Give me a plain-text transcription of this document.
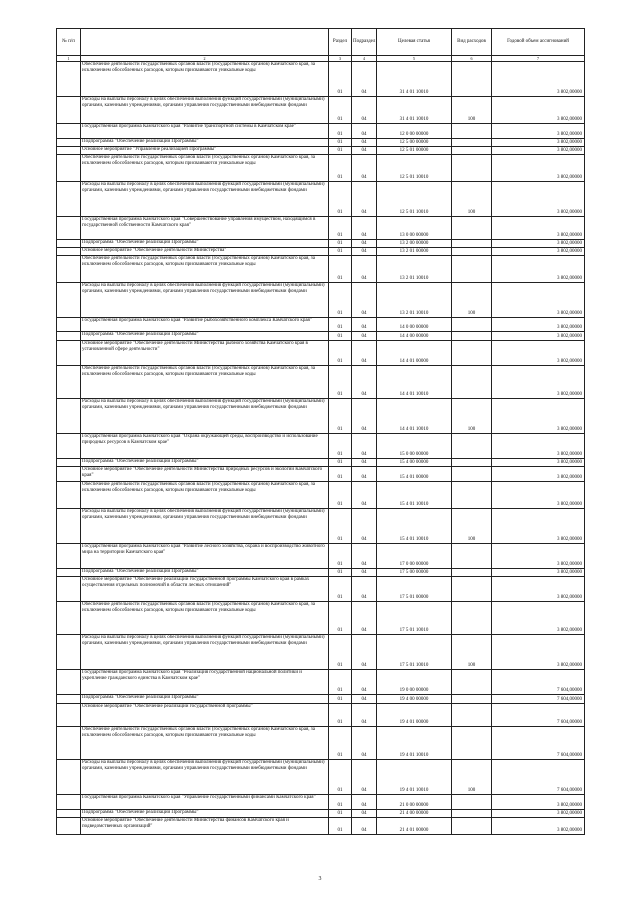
№ п/п		Раздел	Подраздел	Целевая статья	Вид расходов	Годовой объем ассигнований
1	2	3	4	5	6	7
	Обеспечение деятельности государственных органов власти (государственных органов) Камчатского края, за исключением обособленных расходов, которым присваиваются уникальные коды	01	04	31 4 01 10010		3 802,00000
	Расходы на выплаты персоналу в целях обеспечения выполнения функций государственными (муниципальными) органами, казенными учреждениями, органами управления государственными внебюджетными фондами	01	04	31 4 01 10010	100	3 802,00000
	Государственная программа Камчатского края "Развитие транспортной системы в Камчатском крае"	01	04	12 0 00 00000		3 802,00000
	Подпрограмма "Обеспечение реализации Программы"	01	04	12 5 00 00000		3 802,00000
	Основное мероприятие "Управление реализацией Программы"	01	04	12 5 01 00000		3 802,00000
	Обеспечение деятельности государственных органов власти (государственных органов) Камчатского края, за исключением обособленных расходов, которым присваиваются уникальные коды	01	04	12 5 01 10010		3 802,00000
	Расходы на выплаты персоналу в целях обеспечения выполнения функций государственными (муниципальными) органами, казенными учреждениями, органами управления государственными внебюджетными фондами	01	04	12 5 01 10010	100	3 802,00000
	Государственная программа Камчатского края "Совершенствование управления имуществом, находящимся в государственной собственности Камчатского края"	01	04	13 0 00 00000		3 802,00000
	Подпрограмма "Обеспечение реализации Программы"	01	04	13 2 00 00000		3 802,00000
	Основное мероприятие "Обеспечение деятельности Министерства"	01	04	13 2 01 00000		3 802,00000
	Обеспечение деятельности государственных органов власти (государственных органов) Камчатского края, за исключением обособленных расходов, которым присваиваются уникальные коды	01	04	13 2 01 10010		3 802,00000
	Расходы на выплаты персоналу в целях обеспечения выполнения функций государственными (муниципальными) органами, казенными учреждениями, органами управления государственными внебюджетными фондами	01	04	13 2 01 10010	100	3 802,00000
	Государственная программа Камчатского края "Развитие рыбохозяйственного комплекса Камчатского края"	01	04	14 0 00 00000		3 802,00000
	Подпрограмма "Обеспечение реализации Программы"	01	04	14 4 00 00000		3 802,00000
	Основное мероприятие "Обеспечение деятельности Министерства рыбного хозяйства Камчатского края в установленной сфере деятельности"	01	04	14 4 01 00000		3 802,00000
	Обеспечение деятельности государственных органов власти (государственных органов) Камчатского края, за исключением обособленных расходов, которым присваиваются уникальные коды	01	04	14 4 01 10010		3 802,00000
	Расходы на выплаты персоналу в целях обеспечения выполнения функций государственными (муниципальными) органами, казенными учреждениями, органами управления государственными внебюджетными фондами	01	04	14 4 01 10010	100	3 802,00000
	Государственная программа Камчатского края "Охрана окружающей среды, воспроизводство и использование природных ресурсов в Камчатском крае"	01	04	15 0 00 00000		3 802,00000
	Подпрограмма "Обеспечение реализации Программы"	01	04	15 4 00 00000		3 802,00000
	Основное мероприятие "Обеспечение деятельности Министерства природных ресурсов и экологии Камчатского края"	01	04	15 4 01 00000		3 802,00000
	Обеспечение деятельности государственных органов власти (государственных органов) Камчатского края, за исключением обособленных расходов, которым присваиваются уникальные коды	01	04	15 4 01 10010		3 802,00000
	Расходы на выплаты персоналу в целях обеспечения выполнения функций государственными (муниципальными) органами, казенными учреждениями, органами управления государственными внебюджетными фондами	01	04	15 4 01 10010	100	3 802,00000
	Государственная программа Камчатского края "Развитие лесного хозяйства, охрана и воспроизводство животного мира на территории Камчатского края"	01	04	17 0 00 00000		3 802,00000
	Подпрограмма "Обеспечение реализации Программы"	01	04	17 5 00 00000		3 802,00000
	Основное мероприятие "Обеспечение реализации государственной программы Камчатского края в рамках осуществления отдельных полномочий в области лесных отношений"	01	04	17 5 01 00000		3 802,00000
	Обеспечение деятельности государственных органов власти (государственных органов) Камчатского края, за исключением обособленных расходов, которым присваиваются уникальные коды	01	04	17 5 01 10010		3 802,00000
	Расходы на выплаты персоналу в целях обеспечения выполнения функций государственными (муниципальными) органами, казенными учреждениями, органами управления государственными внебюджетными фондами	01	04	17 5 01 10010	100	3 802,00000
	Государственная программа Камчатского края "Реализация государственной национальной политики и укрепление гражданского единства в Камчатском крае"	01	04	19 0 00 00000		7 604,00000
	Подпрограмма "Обеспечение реализации Программы"	01	04	19 4 00 00000		7 604,00000
	Основное мероприятие "Обеспечение реализации государственной программы"	01	04	19 4 01 00000		7 604,00000
	Обеспечение деятельности государственных органов власти (государственных органов) Камчатского края, за исключением обособленных расходов, которым присваиваются уникальные коды	01	04	19 4 01 10010		7 604,00000
	Расходы на выплаты персоналу в целях обеспечения выполнения функций государственными (муниципальными) органами, казенными учреждениями, органами управления государственными внебюджетными фондами	01	04	19 4 01 10010	100	7 604,00000
	Государственная программа Камчатского края "Управление государственными финансами Камчатского края"	01	04	21 0 00 00000		3 802,00000
	Подпрограмма "Обеспечение реализации Программы"	01	04	21 4 00 00000		3 802,00000
	Основное мероприятие "Обеспечение деятельности Министерства финансов Камчатского края и подведомственных организаций"	01	04	21 4 01 00000		3 802,00000
3
